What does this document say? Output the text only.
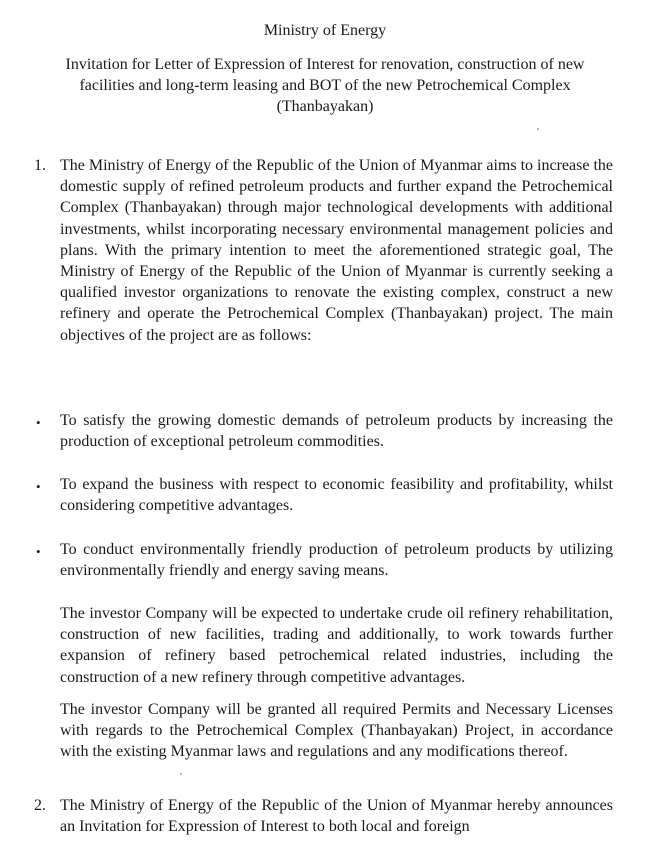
Ministry of Energy
Invitation for Letter of Expression of Interest for renovation, construction of new
facilities and long-term leasing and BOT of the new Petrochemical Complex
(Thanbayakan)
1. The Ministry of Energy of the Republic of the Union of Myanmar aims to increase the domestic supply of refined petroleum products and further expand the Petrochemical Complex (Thanbayakan) through major technological developments with additional investments, whilst incorporating necessary environmental management policies and plans. With the primary intention to meet the aforementioned strategic goal, The Ministry of Energy of the Republic of the Union of Myanmar is currently seeking a qualified investor organizations to renovate the existing complex, construct a new refinery and operate the Petrochemical Complex (Thanbayakan) project. The main objectives of the project are as follows:
• To satisfy the growing domestic demands of petroleum products by increasing the production of exceptional petroleum commodities.
• To expand the business with respect to economic feasibility and profitability, whilst considering competitive advantages.
• To conduct environmentally friendly production of petroleum products by utilizing environmentally friendly and energy saving means.
The investor Company will be expected to undertake crude oil refinery rehabilitation, construction of new facilities, trading and additionally, to work towards further expansion of refinery based petrochemical related industries, including the construction of a new refinery through competitive advantages.
The investor Company will be granted all required Permits and Necessary Licenses with regards to the Petrochemical Complex (Thanbayakan) Project, in accordance with the existing Myanmar laws and regulations and any modifications thereof.
2. The Ministry of Energy of the Republic of the Union of Myanmar hereby announces an Invitation for Expression of Interest to both local and foreign
